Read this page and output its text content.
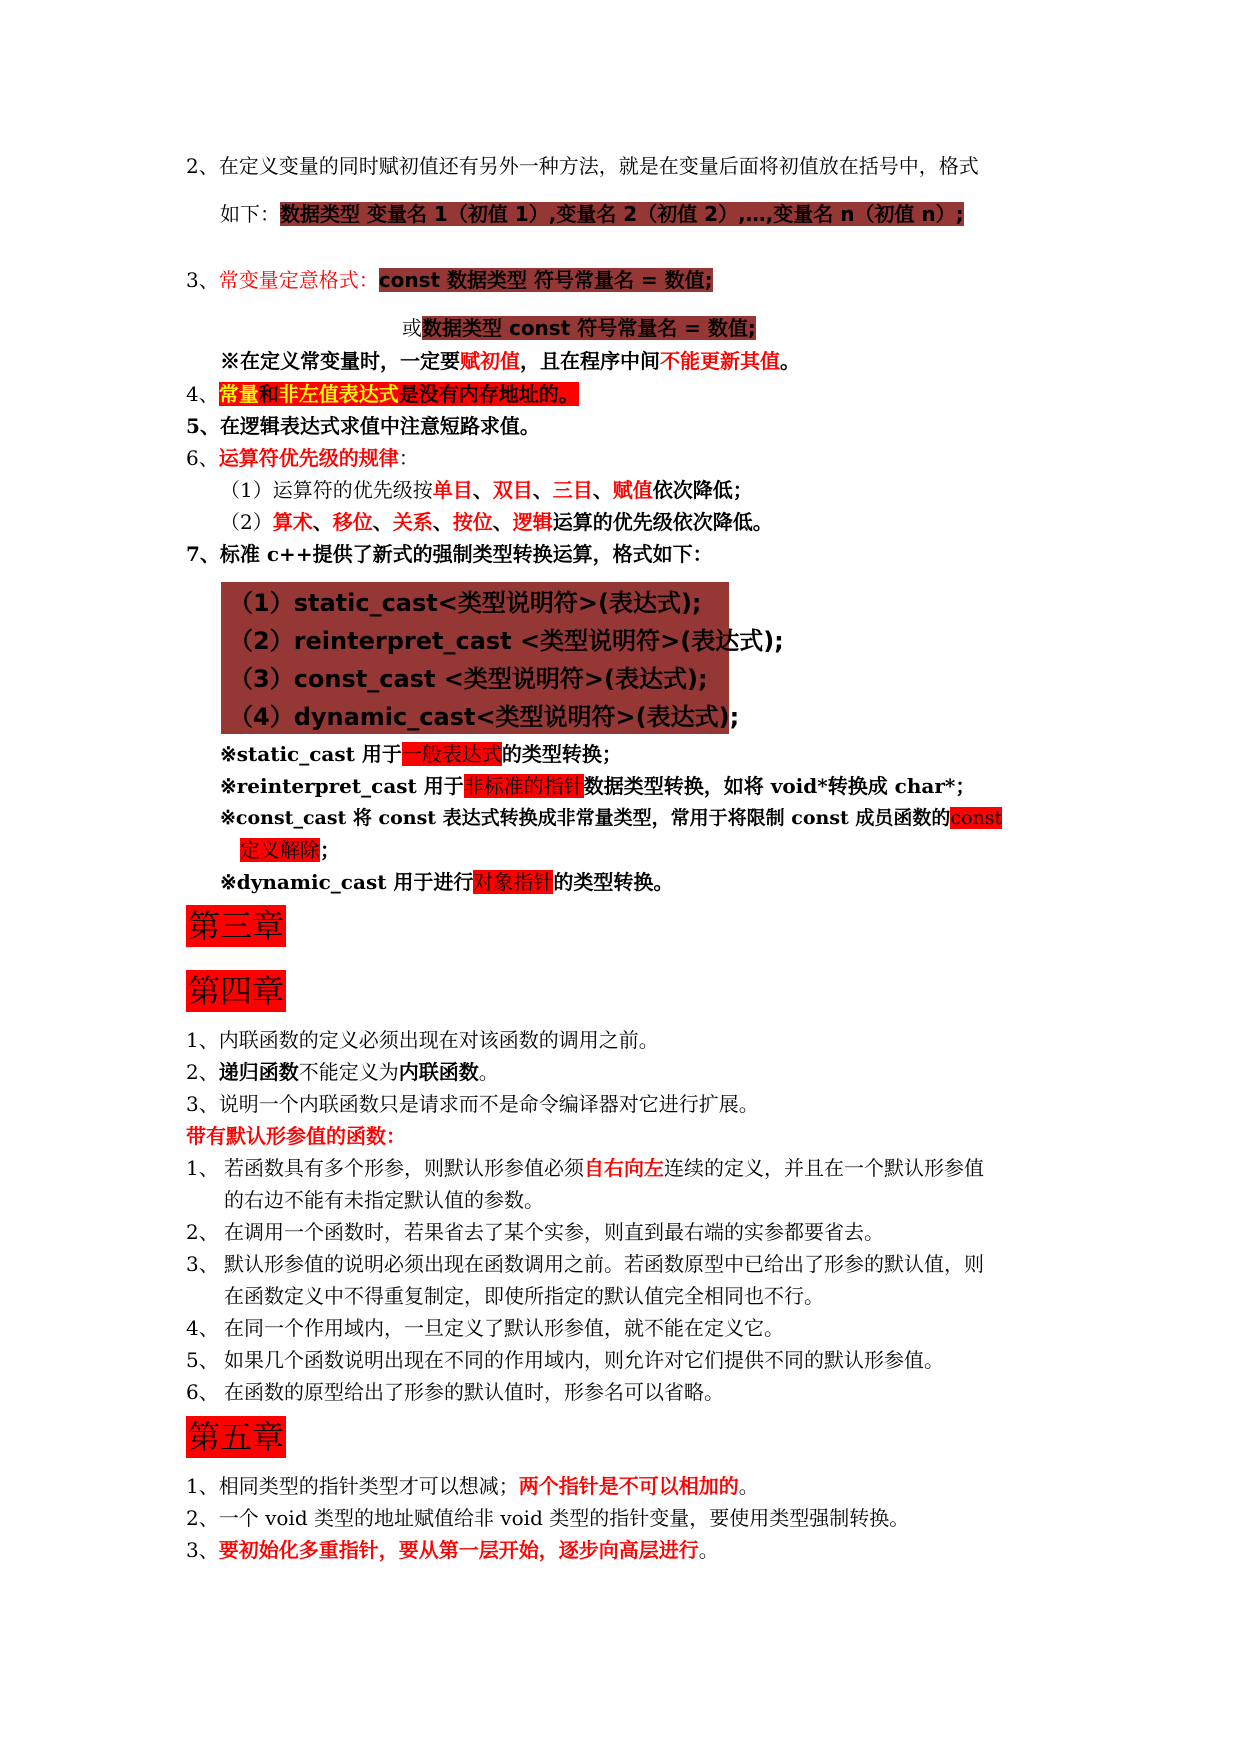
2、在定义变量的同时赋初值还有另外一种方法，就是在变量后面将初值放在括号中，格式
如下：数据类型 变量名 1（初值 1）,变量名 2（初值 2）,…,变量名 n（初值 n）;
3、常变量定意格式：const 数据类型 符号常量名 = 数值;
或数据类型 const 符号常量名 = 数值;
※在定义常变量时，一定要赋初值，且在程序中间不能更新其值。
4、常量和非左值表达式是没有内存地址的。
5、在逻辑表达式求值中注意短路求值。
6、运算符优先级的规律：
（1）运算符的优先级按单目、双目、三目、赋值依次降低；
（2）算术、移位、关系、按位、逻辑运算的优先级依次降低。
7、标准 c++提供了新式的强制类型转换运算，格式如下：
（1）static_cast<类型说明符>(表达式);
（2）reinterpret_cast <类型说明符>(表达式);
（3）const_cast <类型说明符>(表达式);
（4）dynamic_cast<类型说明符>(表达式);
※static_cast 用于一般表达式的类型转换；
※reinterpret_cast 用于非标准的指针数据类型转换，如将 void*转换成 char*；
※const_cast 将 const 表达式转换成非常量类型，常用于将限制 const 成员函数的const
定义解除；
※dynamic_cast 用于进行对象指针的类型转换。
第三章
第四章
1、内联函数的定义必须出现在对该函数的调用之前。
2、递归函数不能定义为内联函数。
3、说明一个内联函数只是请求而不是命令编译器对它进行扩展。
带有默认形参值的函数：
1、 若函数具有多个形参，则默认形参值必须自右向左连续的定义，并且在一个默认形参值
的右边不能有未指定默认值的参数。
2、 在调用一个函数时，若果省去了某个实参，则直到最右端的实参都要省去。
3、 默认形参值的说明必须出现在函数调用之前。若函数原型中已给出了形参的默认值，则
在函数定义中不得重复制定，即使所指定的默认值完全相同也不行。
4、 在同一个作用域内，一旦定义了默认形参值，就不能在定义它。
5、 如果几个函数说明出现在不同的作用域内，则允许对它们提供不同的默认形参值。
6、 在函数的原型给出了形参的默认值时，形参名可以省略。
第五章
1、相同类型的指针类型才可以想减；两个指针是不可以相加的。
2、一个 void 类型的地址赋值给非 void 类型的指针变量，要使用类型强制转换。
3、要初始化多重指针，要从第一层开始，逐步向高层进行。
